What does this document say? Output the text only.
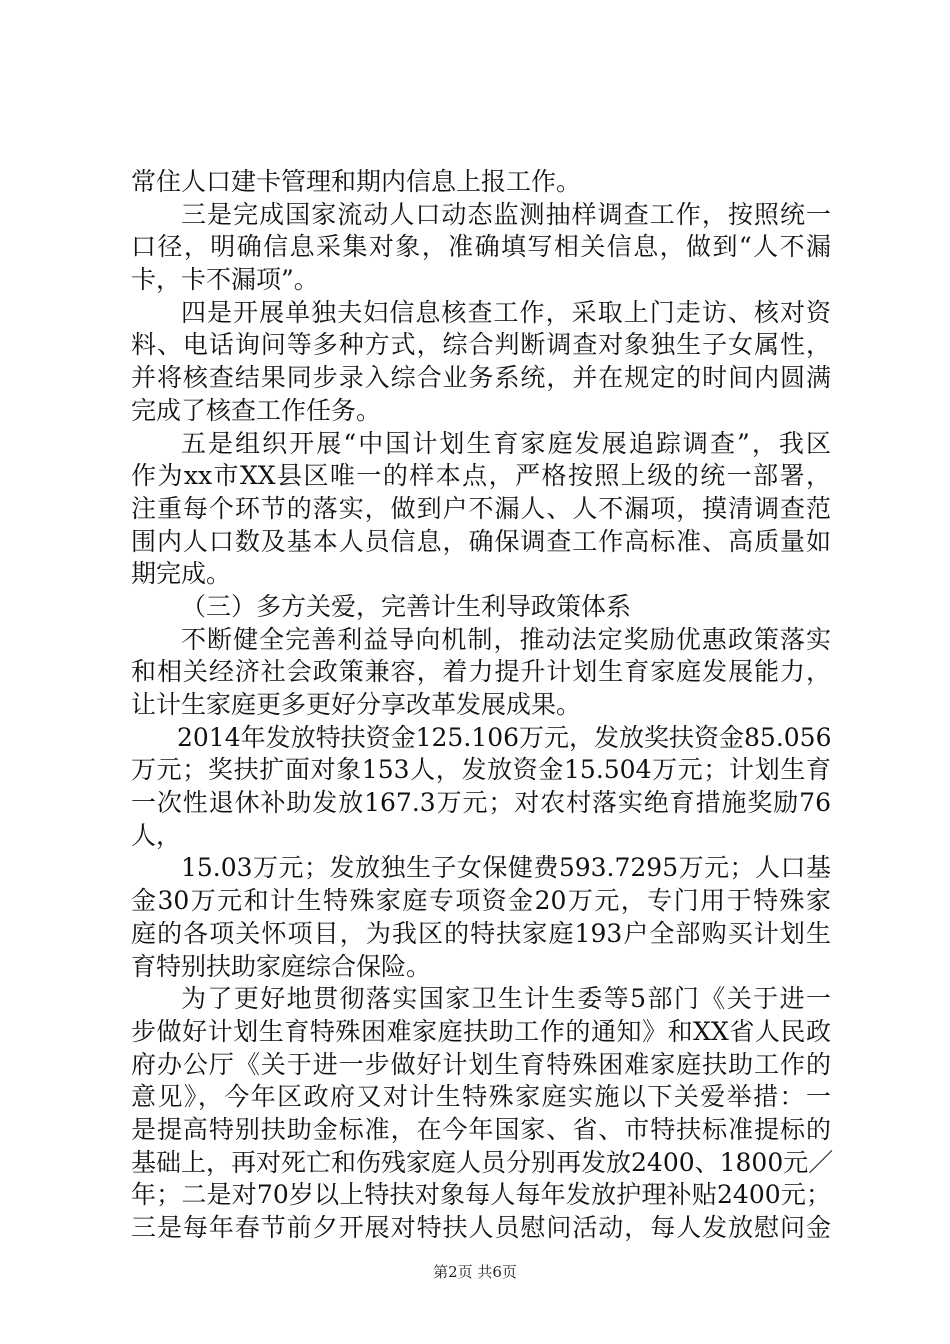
常住人口建卡管理和期内信息上报工作。
三是完成国家流动人口动态监测抽样调查工作，按照统一
口径，明确信息采集对象，准确填写相关信息，做到“人不漏
卡，卡不漏项”。
四是开展单独夫妇信息核查工作，采取上门走访、核对资
料、电话询问等多种方式，综合判断调查对象独生子女属性，
并将核查结果同步录入综合业务系统，并在规定的时间内圆满
完成了核查工作任务。
五是组织开展“中国计划生育家庭发展追踪调查”，我区
作为xx市XX县区唯一的样本点，严格按照上级的统一部署，
注重每个环节的落实，做到户不漏人、人不漏项，摸清调查范
围内人口数及基本人员信息，确保调查工作高标准、高质量如
期完成。
（三）多方关爱，完善计生利导政策体系
不断健全完善利益导向机制，推动法定奖励优惠政策落实
和相关经济社会政策兼容，着力提升计划生育家庭发展能力，
让计生家庭更多更好分享改革发展成果。
2014年发放特扶资金125.106万元，发放奖扶资金85.056
万元；奖扶扩面对象153人，发放资金15.504万元；计划生育
一次性退休补助发放167.3万元；对农村落实绝育措施奖励76
人，
15.03万元；发放独生子女保健费593.7295万元；人口基
金30万元和计生特殊家庭专项资金20万元，专门用于特殊家
庭的各项关怀项目，为我区的特扶家庭193户全部购买计划生
育特别扶助家庭综合保险。
为了更好地贯彻落实国家卫生计生委等5部门《关于进一
步做好计划生育特殊困难家庭扶助工作的通知》和XX省人民政
府办公厅《关于进一步做好计划生育特殊困难家庭扶助工作的
意见》，今年区政府又对计生特殊家庭实施以下关爱举措：一
是提高特别扶助金标准，在今年国家、省、市特扶标准提标的
基础上，再对死亡和伤残家庭人员分别再发放2400、1800元／
年；二是对70岁以上特扶对象每人每年发放护理补贴2400元；
三是每年春节前夕开展对特扶人员慰问活动，每人发放慰问金
第2页 共6页
